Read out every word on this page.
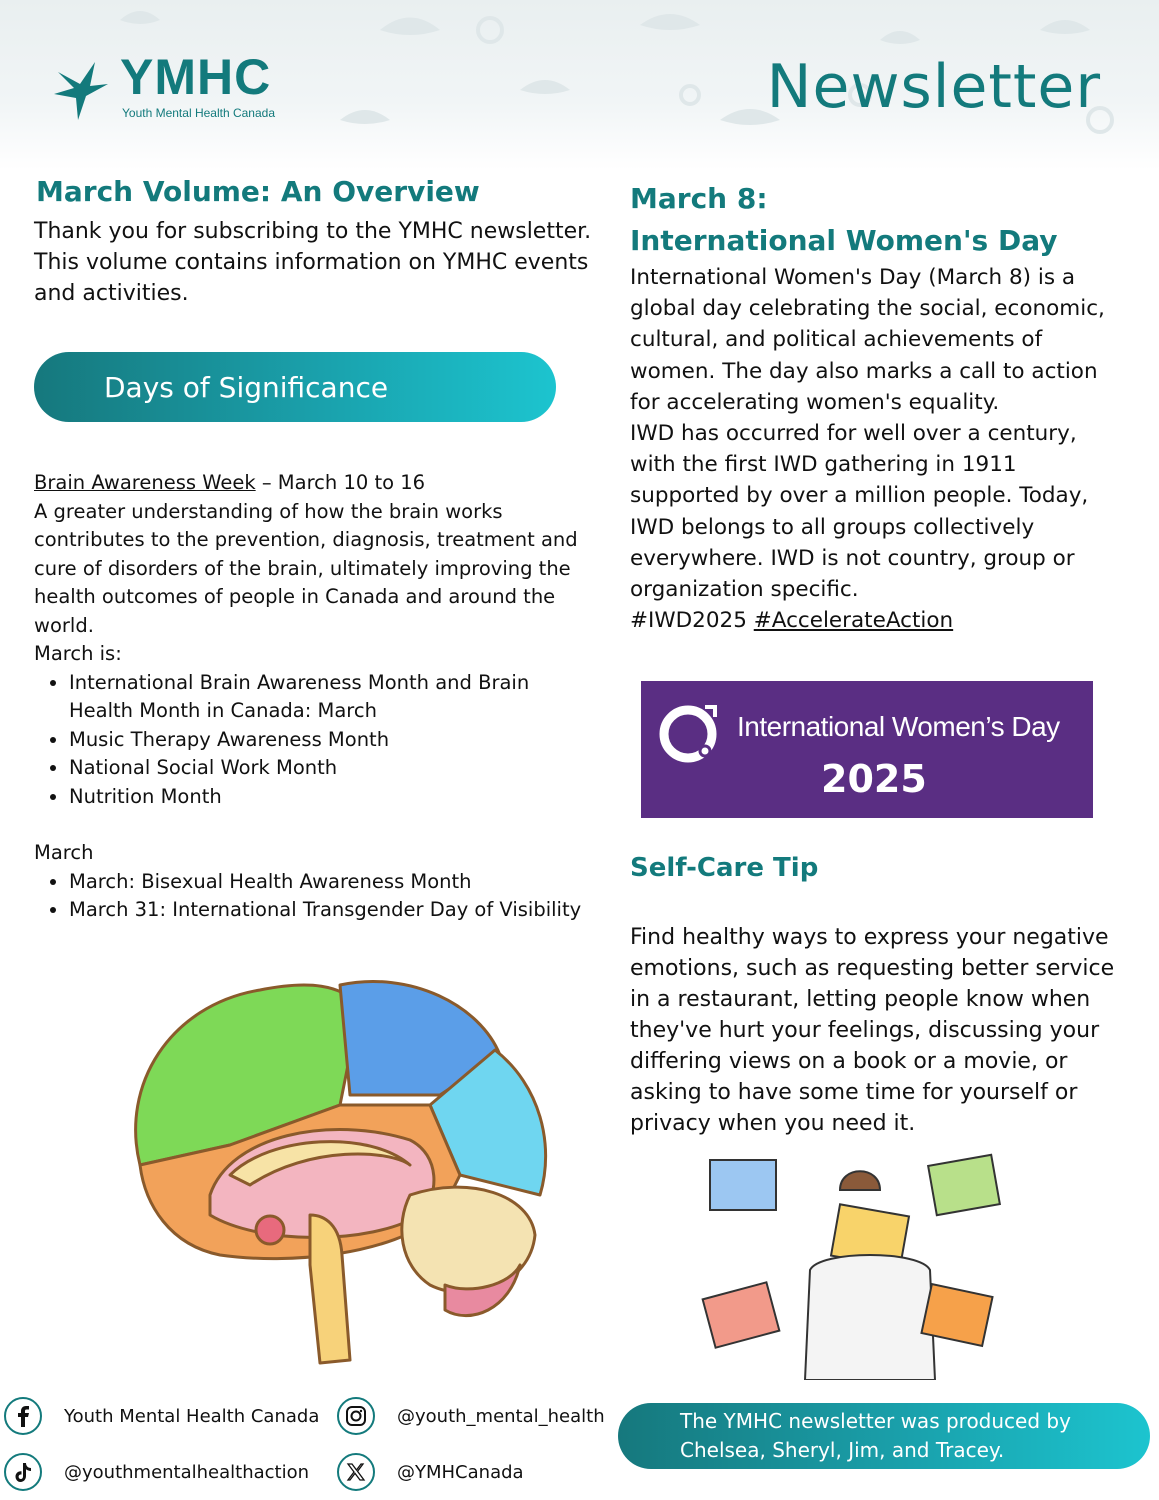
YMHC
Youth Mental Health Canada	Newsletter
March Volume: An Overview

Thank you for subscribing to the YMHC newsletter. This volume contains information on YMHC events and activities.

Days of Significance

Brain Awareness Week – March 10 to 16

A greater understanding of how the brain works contributes to the prevention, diagnosis, treatment and cure of disorders of the brain, ultimately improving the health outcomes of people in Canada and around the world.

March is:

• International Brain Awareness Month and Brain Health Month in Canada: March
• Music Therapy Awareness Month
• National Social Work Month
• Nutrition Month

March

• March: Bisexual Health Awareness Month
• March 31: International Transgender Day of Visibility
March 8:
International Women's Day

International Women's Day (March 8) is a global day celebrating the social, economic, cultural, and political achievements of women. The day also marks a call to action for accelerating women's equality.

IWD has occurred for well over a century, with the first IWD gathering in 1911 supported by over a million people. Today, IWD belongs to all groups collectively everywhere. IWD is not country, group or organization specific.

#IWD2025 #AccelerateAction

International Women’s Day
2025
Self-Care Tip

Find healthy ways to express your negative emotions, such as requesting better service in a restaurant, letting people know when they've hurt your feelings, discussing your differing views on a book or a movie, or asking to have some time for yourself or privacy when you need it.

Youth Mental Health Canada	@youth_mental_health
@youthmentalhealthaction	@YMHCanada
The YMHC newsletter was produced by Chelsea, Sheryl, Jim, and Tracey.
